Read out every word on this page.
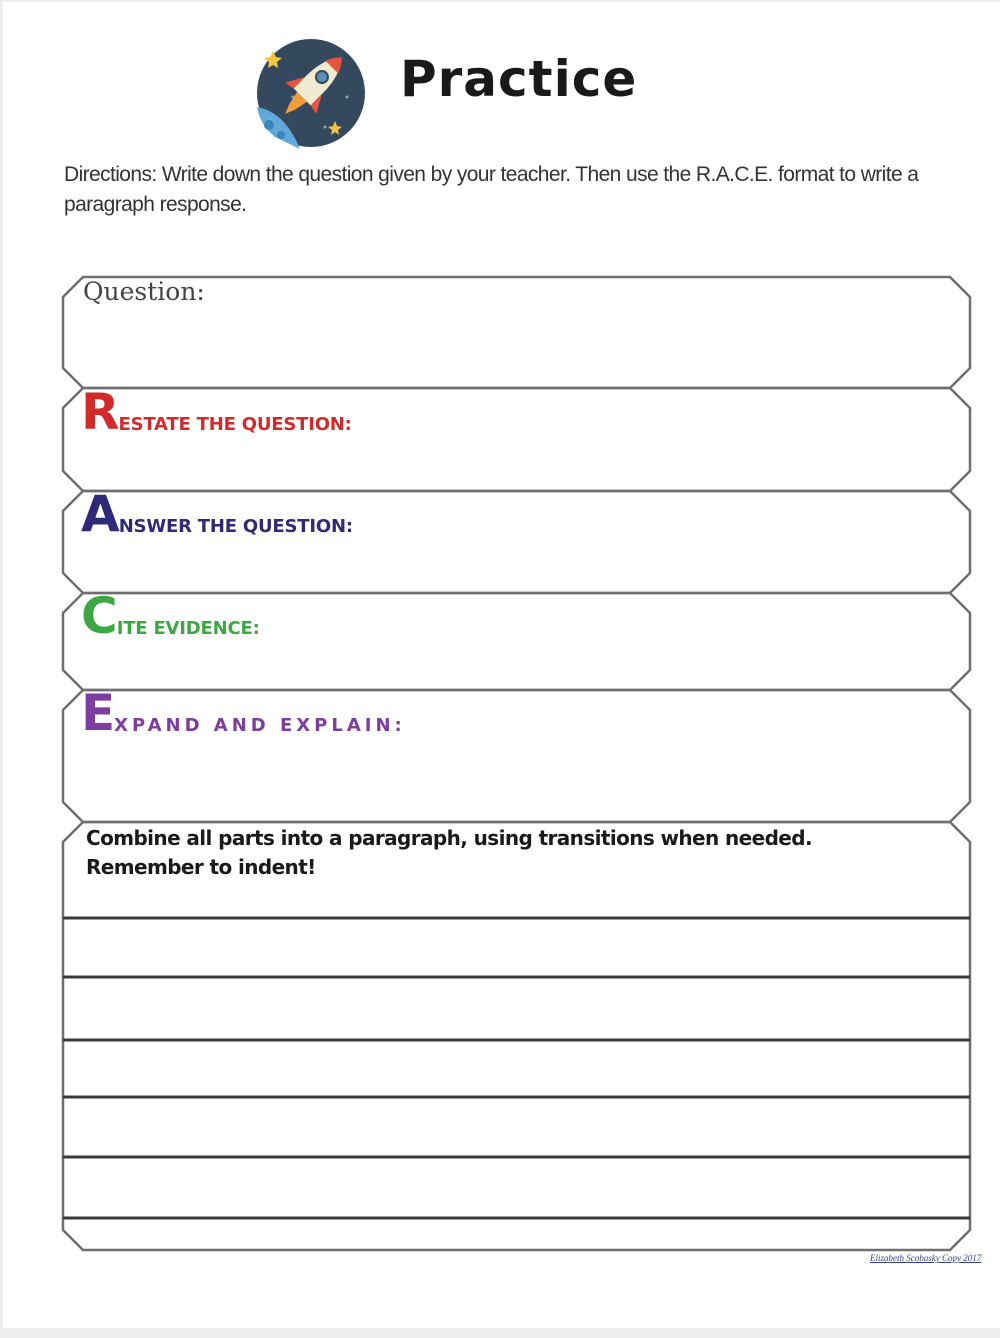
Practice
Directions: Write down the question given by your teacher. Then use the R.A.C.E. format to write a paragraph response.
Question:
R ESTATE THE QUESTION:
A NSWER THE QUESTION:
C ITE EVIDENCE:
E XPAND AND EXPLAIN:
Combine all parts into a paragraph, using transitions when needed.
Remember to indent!
Elizabeth Scobasky Copy 2017
